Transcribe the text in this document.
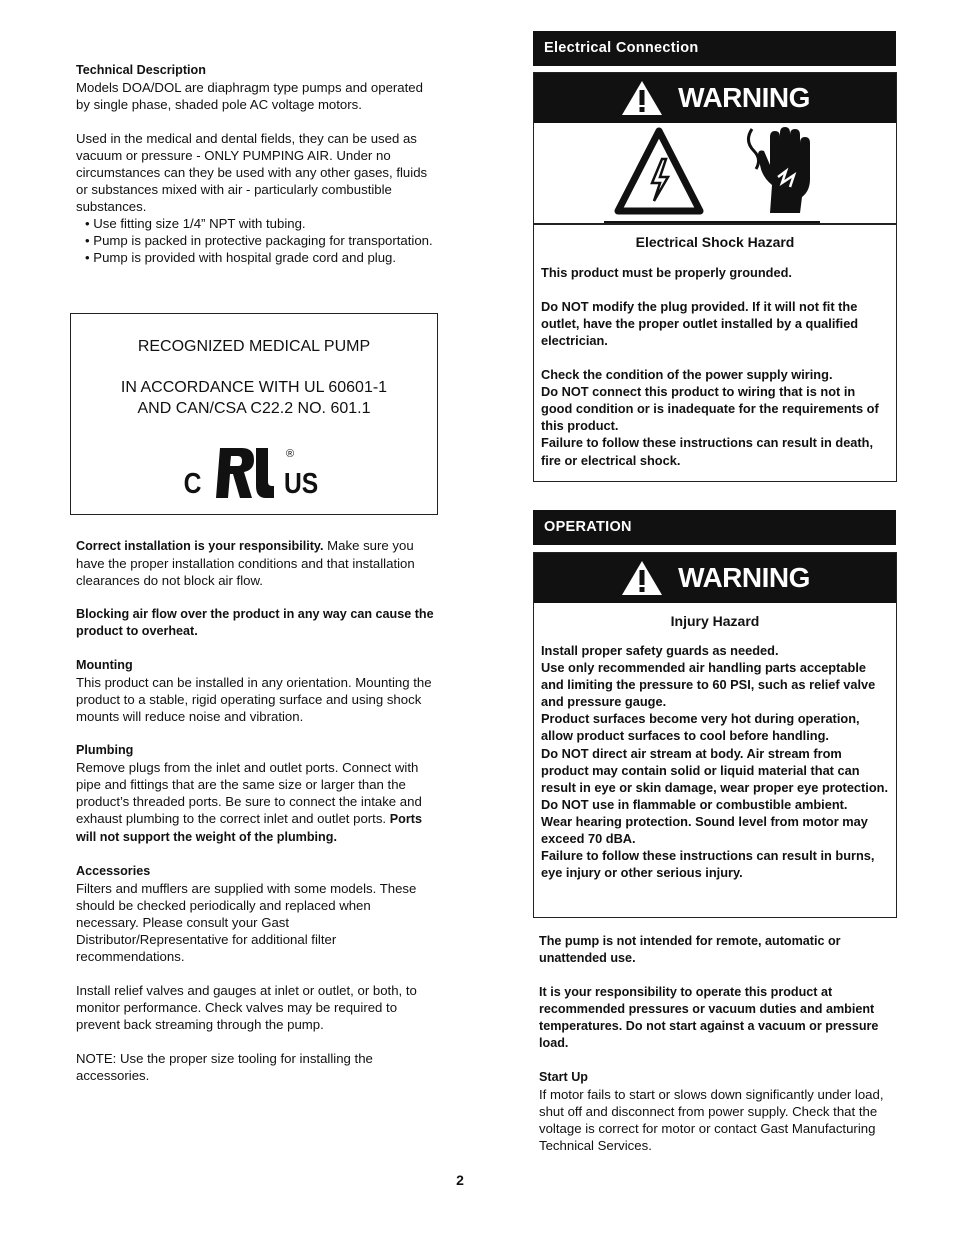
Technical Description

Models DOA/DOL are diaphragm type pumps and operated by single phase, shaded pole AC voltage motors.

Used in the medical and dental fields, they can be used as vacuum or pressure - ONLY PUMPING AIR. Under no circumstances can they be used with any other gases, fluids or substances mixed with air - particularly combustible substances.

• Use fitting size 1/4” NPT with tubing.
• Pump is packed in protective packaging for transportation.
• Pump is provided with hospital grade cord and plug.
RECOGNIZED MEDICAL PUMP
IN ACCORDANCE WITH UL 60601-1
AND CAN/CSA C22.2 NO. 601.1
C
®
US

Correct installation is your responsibility. Make sure you have the proper installation conditions and that installation clearances do not block air flow.

Blocking air flow over the product in any way can cause the product to overheat.

Mounting

This product can be installed in any orientation. Mounting the product to a stable, rigid operating surface and using shock mounts will reduce noise and vibration.

Plumbing

Remove plugs from the inlet and outlet ports. Connect with pipe and fittings that are the same size or larger than the product’s threaded ports. Be sure to connect the intake and exhaust plumbing to the correct inlet and outlet ports. Ports will not support the weight of the plumbing.

Accessories

Filters and mufflers are supplied with some models. These should be checked periodically and replaced when necessary. Please consult your Gast Distributor/Representative for additional filter recommendations.

Install relief valves and gauges at inlet or outlet, or both, to monitor performance. Check valves may be required to prevent back streaming through the pump.

NOTE: Use the proper size tooling for installing the accessories.

Electrical Connection
WARNING
Electrical Shock Hazard

This product must be properly grounded.

Do NOT modify the plug provided. If it will not fit the outlet, have the proper outlet installed by a qualified electrician.

Check the condition of the power supply wiring.
Do NOT connect this product to wiring that is not in good condition or is inadequate for the requirements of this product.
Failure to follow these instructions can result in death, fire or electrical shock.
OPERATION
WARNING
Injury Hazard
Install proper safety guards as needed.
Use only recommended air handling parts acceptable and limiting the pressure to 60 PSI, such as relief valve and pressure gauge.
Product surfaces become very hot during operation, allow product surfaces to cool before handling.
Do NOT direct air stream at body. Air stream from product may contain solid or liquid material that can result in eye or skin damage, wear proper eye protection.
Do NOT use in flammable or combustible ambient.
Wear hearing protection. Sound level from motor may exceed 70 dBA.
Failure to follow these instructions can result in burns, eye injury or other serious injury.

The pump is not intended for remote, automatic or unattended use.

It is your responsibility to operate this product at recommended pressures or vacuum duties and ambient temperatures. Do not start against a vacuum or pressure load.

Start Up

If motor fails to start or slows down significantly under load, shut off and disconnect from power supply. Check that the voltage is correct for motor or contact Gast Manufacturing Technical Services.

2
